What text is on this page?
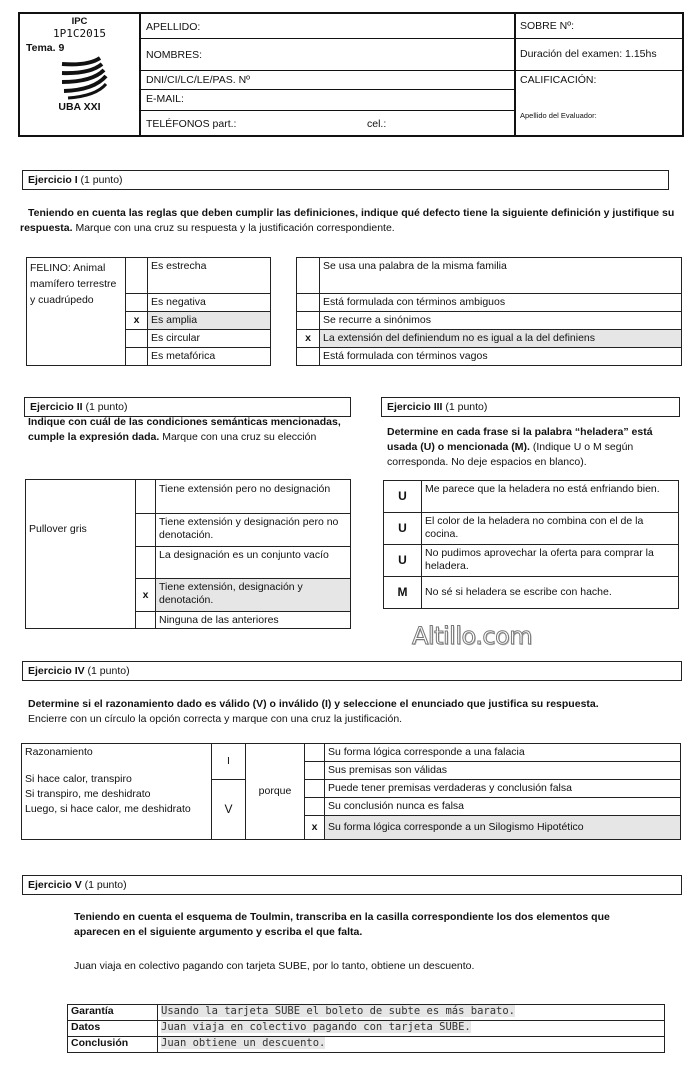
IPC
1P1C2015
Tema. 9
UBA XXI
APELLIDO:
NOMBRES:
DNI/CI/LC/LE/PAS. Nº
E-MAIL:
TELÉFONOS part.:	cel.:
SOBRE Nº:
Duración del examen: 1.15hs
CALIFICACIÓN:
Apellido del Evaluador:
Ejercicio I (1 punto)
Teniendo en cuenta las reglas que deben cumplir las definiciones, indique qué defecto tiene la siguiente definición y justifique su respuesta. Marque con una cruz su respuesta y la justificación correspondiente.
FELINO: Animal mamífero terrestre y cuadrúpedo		Es estrecha			Se usa una palabra de la misma familia
		Es negativa			Está formulada con términos ambiguos
	x	Es amplia			Se recurre a sinónimos
		Es circular		x	La extensión del definiendum no es igual a la del definiens
		Es metafórica			Está formulada con términos vagos
Ejercicio II (1 punto)
Indique con cuál de las condiciones semánticas mencionadas, cumple la expresión dada. Marque con una cruz su elección
Pullover gris		Tiene extensión pero no designación
		Tiene extensión y designación pero no denotación.
		La designación es un conjunto vacío
	x	Tiene extensión, designación y denotación.
		Ninguna de las anteriores
Ejercicio III (1 punto)
Determine en cada frase si la palabra “heladera” está usada (U) o mencionada (M). (Indique U o M según corresponda. No deje espacios en blanco).
U	Me parece que la heladera no está enfriando bien.
U	El color de la heladera no combina con el de la cocina.
U	No pudimos aprovechar la oferta para comprar la heladera.
M	No sé si heladera se escribe con hache.
Altillo.com
Ejercicio IV (1 punto)
Determine si el razonamiento dado es válido (V) o inválido (I) y seleccione el enunciado que justifica su respuesta.
Encierre con un círculo la opción correcta y marque con una cruz la justificación.
Razonamiento
Si hace calor, transpiro
Si transpiro, me deshidrato
Luego, si hace calor, me deshidrato	I	porque		Su forma lógica corresponde a una falacia
				Sus premisas son válidas
	V			Puede tener premisas verdaderas y conclusión falsa
				Su conclusión nunca es falsa
			x	Su forma lógica corresponde a un Silogismo Hipotético
Ejercicio V (1 punto)
Teniendo en cuenta el esquema de Toulmin, transcriba en la casilla correspondiente los dos elementos que aparecen en el siguiente argumento y escriba el que falta.
Juan viaja en colectivo pagando con tarjeta SUBE, por lo tanto, obtiene un descuento.
Garantía	Usando la tarjeta SUBE el boleto de subte es más barato.
Datos	Juan viaja en colectivo pagando con tarjeta SUBE.
Conclusión	Juan obtiene un descuento.
